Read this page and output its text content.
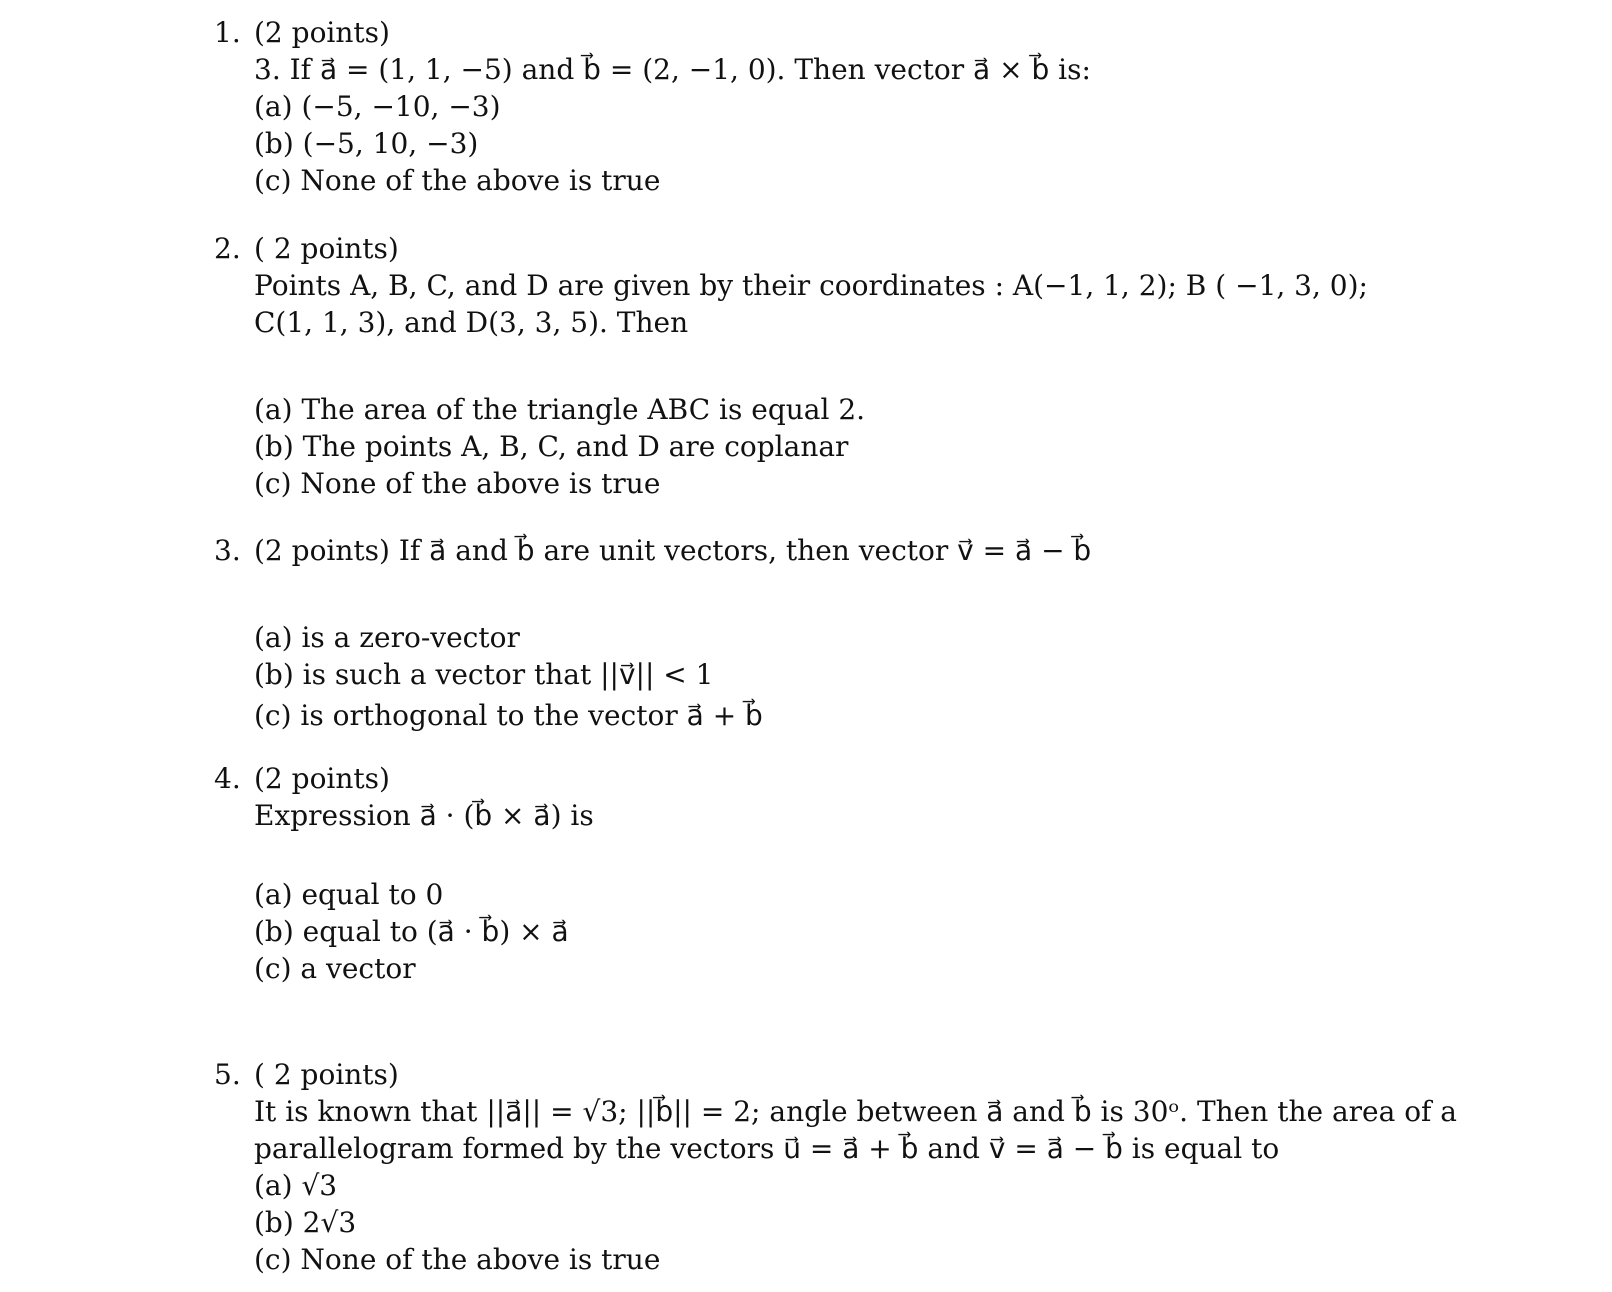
1. (2 points)
3. If a⃗ = (1, 1, −5) and b⃗ = (2, −1, 0). Then vector a⃗ × b⃗ is:
(a) (−5, −10, −3)
(b) (−5, 10, −3)
(c) None of the above is true
2. ( 2 points)
Points A, B, C, and D are given by their coordinates : A(−1, 1, 2); B ( −1, 3, 0);
C(1, 1, 3), and D(3, 3, 5). Then
(a) The area of the triangle ABC is equal 2.
(b) The points A, B, C, and D are coplanar
(c) None of the above is true
3. (2 points) If a⃗ and b⃗ are unit vectors, then vector v⃗ = a⃗ − b⃗
(a) is a zero-vector
(b) is such a vector that ||v⃗|| < 1
(c) is orthogonal to the vector a⃗ + b⃗
4. (2 points)
Expression a⃗ · (b⃗ × a⃗) is
(a) equal to 0
(b) equal to (a⃗ · b⃗) × a⃗
(c) a vector
5. ( 2 points)
It is known that ||a⃗|| = √3; ||b⃗|| = 2; angle between a⃗ and b⃗ is 30ᵒ. Then the area of a
parallelogram formed by the vectors u⃗ = a⃗ + b⃗ and v⃗ = a⃗ − b⃗ is equal to
(a) √3
(b) 2√3
(c) None of the above is true
